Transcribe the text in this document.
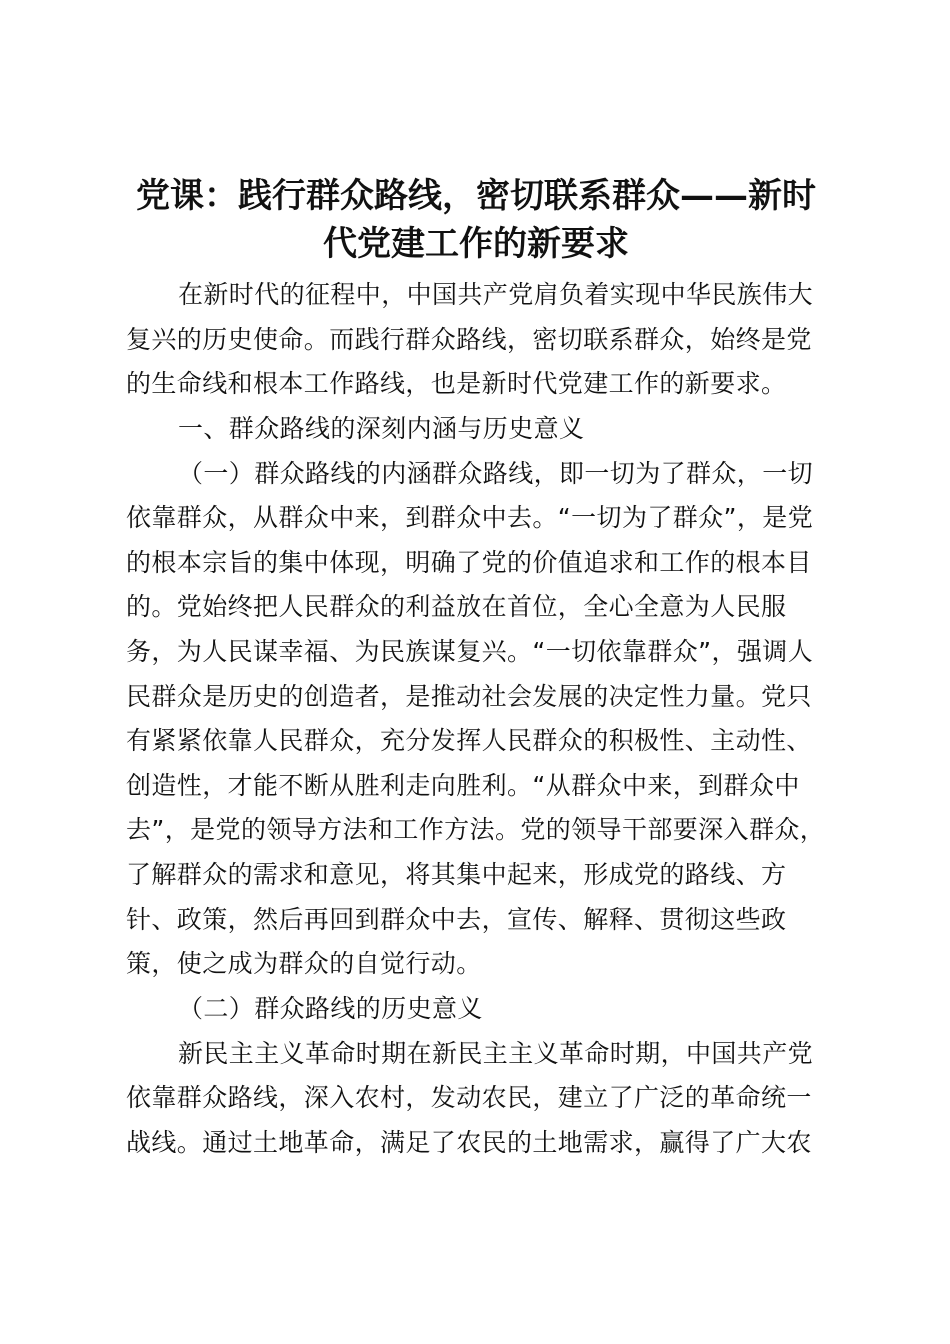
党课：践行群众路线，密切联系群众——新时
代党建工作的新要求
在新时代的征程中，中国共产党肩负着实现中华民族伟大
复兴的历史使命。而践行群众路线，密切联系群众，始终是党
的生命线和根本工作路线，也是新时代党建工作的新要求。
一、群众路线的深刻内涵与历史意义
（一）群众路线的内涵群众路线，即一切为了群众，一切
依靠群众，从群众中来，到群众中去。“一切为了群众”，是党
的根本宗旨的集中体现，明确了党的价值追求和工作的根本目
的。党始终把人民群众的利益放在首位，全心全意为人民服
务，为人民谋幸福、为民族谋复兴。“一切依靠群众”，强调人
民群众是历史的创造者，是推动社会发展的决定性力量。党只
有紧紧依靠人民群众，充分发挥人民群众的积极性、主动性、
创造性，才能不断从胜利走向胜利。“从群众中来，到群众中
去”，是党的领导方法和工作方法。党的领导干部要深入群众，
了解群众的需求和意见，将其集中起来，形成党的路线、方
针、政策，然后再回到群众中去，宣传、解释、贯彻这些政
策，使之成为群众的自觉行动。
（二）群众路线的历史意义
新民主主义革命时期在新民主主义革命时期，中国共产党
依靠群众路线，深入农村，发动农民，建立了广泛的革命统一
战线。通过土地革命，满足了农民的土地需求，赢得了广大农
